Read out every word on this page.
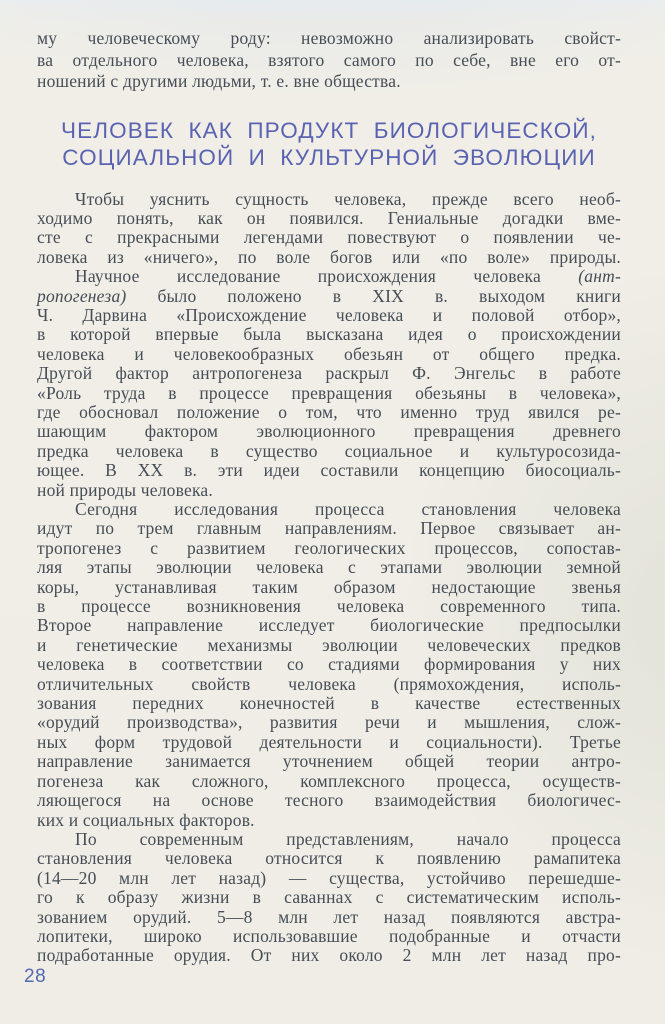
му человеческому роду: невозможно анализировать свойст-
ва отдельного человека, взятого самого по себе, вне его от-
ношений с другими людьми, т. е. вне общества.
ЧЕЛОВЕК КАК ПРОДУКТ БИОЛОГИЧЕСКОЙ,
СОЦИАЛЬНОЙ И КУЛЬТУРНОЙ ЭВОЛЮЦИИ
Чтобы уяснить сущность человека, прежде всего необ-
ходимо понять, как он появился. Гениальные догадки вме-
сте с прекрасными легендами повествуют о появлении че-
ловека из «ничего», по воле богов или «по воле» природы.
Научное исследование происхождения человека (ант-
ропогенеза) было положено в XIX в. выходом книги
Ч. Дарвина «Происхождение человека и половой отбор»,
в которой впервые была высказана идея о происхождении
человека и человекообразных обезьян от общего предка.
Другой фактор антропогенеза раскрыл Ф. Энгельс в работе
«Роль труда в процессе превращения обезьяны в человека»,
где обосновал положение о том, что именно труд явился ре-
шающим фактором эволюционного превращения древнего
предка человека в существо социальное и культуросозида-
ющее. В XX в. эти идеи составили концепцию биосоциаль-
ной природы человека.
Сегодня исследования процесса становления человека
идут по трем главным направлениям. Первое связывает ан-
тропогенез с развитием геологических процессов, сопостав-
ляя этапы эволюции человека с этапами эволюции земной
коры, устанавливая таким образом недостающие звенья
в процессе возникновения человека современного типа.
Второе направление исследует биологические предпосылки
и генетические механизмы эволюции человеческих предков
человека в соответствии со стадиями формирования у них
отличительных свойств человека (прямохождения, исполь-
зования передних конечностей в качестве естественных
«орудий производства», развития речи и мышления, слож-
ных форм трудовой деятельности и социальности). Третье
направление занимается уточнением общей теории антро-
погенеза как сложного, комплексного процесса, осуществ-
ляющегося на основе тесного взаимодействия биологичес-
ких и социальных факторов.
По современным представлениям, начало процесса
становления человека относится к появлению рамапитека
(14—20 млн лет назад) — существа, устойчиво перешедше-
го к образу жизни в саваннах с систематическим исполь-
зованием орудий. 5—8 млн лет назад появляются австра-
лопитеки, широко использовавшие подобранные и отчасти
подработанные орудия. От них около 2 млн лет назад про-
28
